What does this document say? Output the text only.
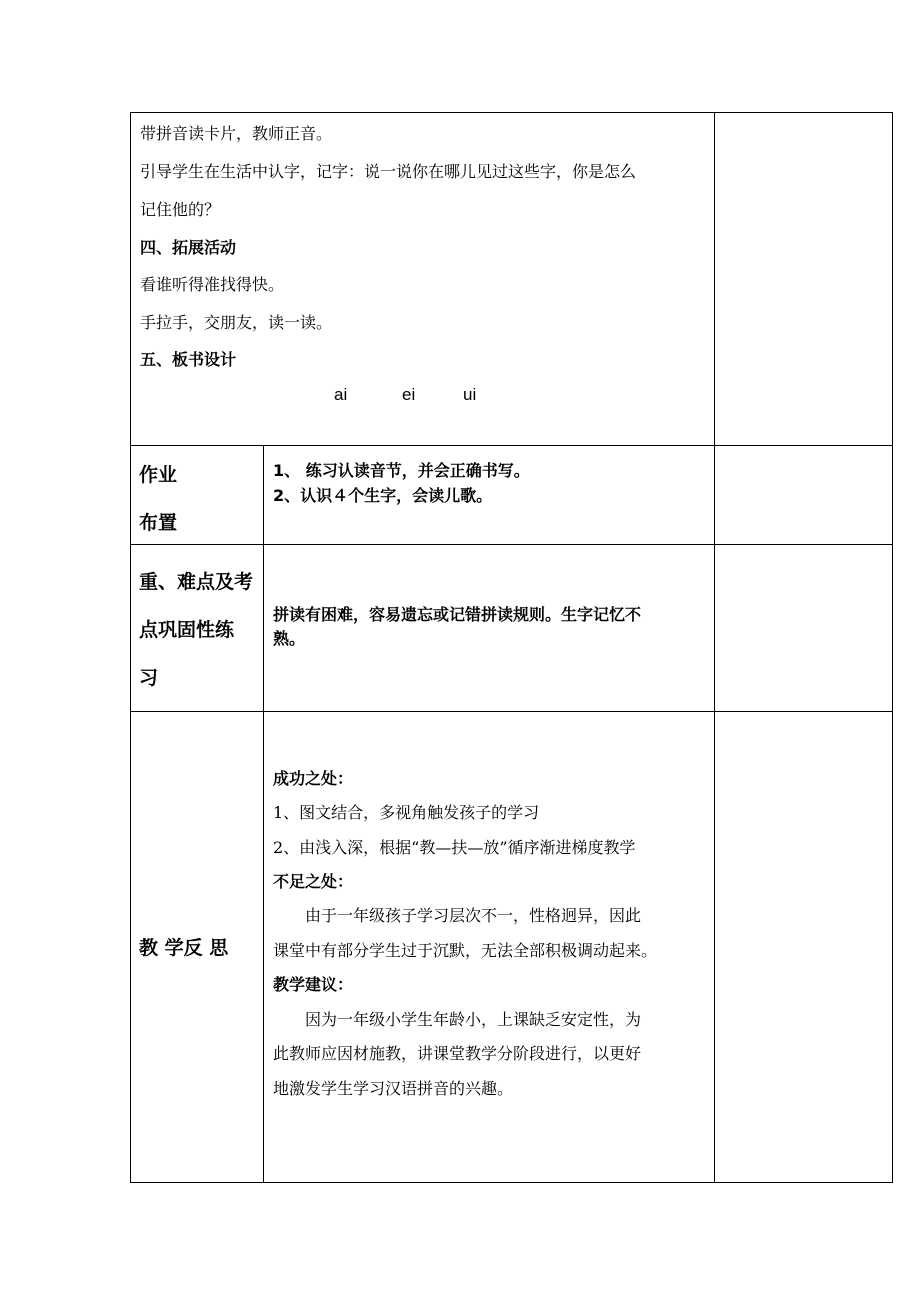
带拼音读卡片，教师正音。
引导学生在生活中认字，记字：说一说你在哪儿见过这些字，你是怎么
记住他的？
四、拓展活动
看谁听得准找得快。
手拉手，交朋友，读一读。
五、板书设计
ai	ei	ui
作业
布置
1、 练习认读音节，并会正确书写。
2、认识４个生字，会读儿歌。
重、难点及考
点巩固性练
习
拼读有困难，容易遗忘或记错拼读规则。生字记忆不
熟。
教 学反 思
成功之处：
1、图文结合，多视角触发孩子的学习
2、由浅入深，根据“教—扶—放”循序渐进梯度教学
不足之处：
由于一年级孩子学习层次不一，性格迥异，因此
课堂中有部分学生过于沉默，无法全部积极调动起来。
教学建议：
因为一年级小学生年龄小，上课缺乏安定性，为
此教师应因材施教，讲课堂教学分阶段进行，以更好
地激发学生学习汉语拼音的兴趣。
